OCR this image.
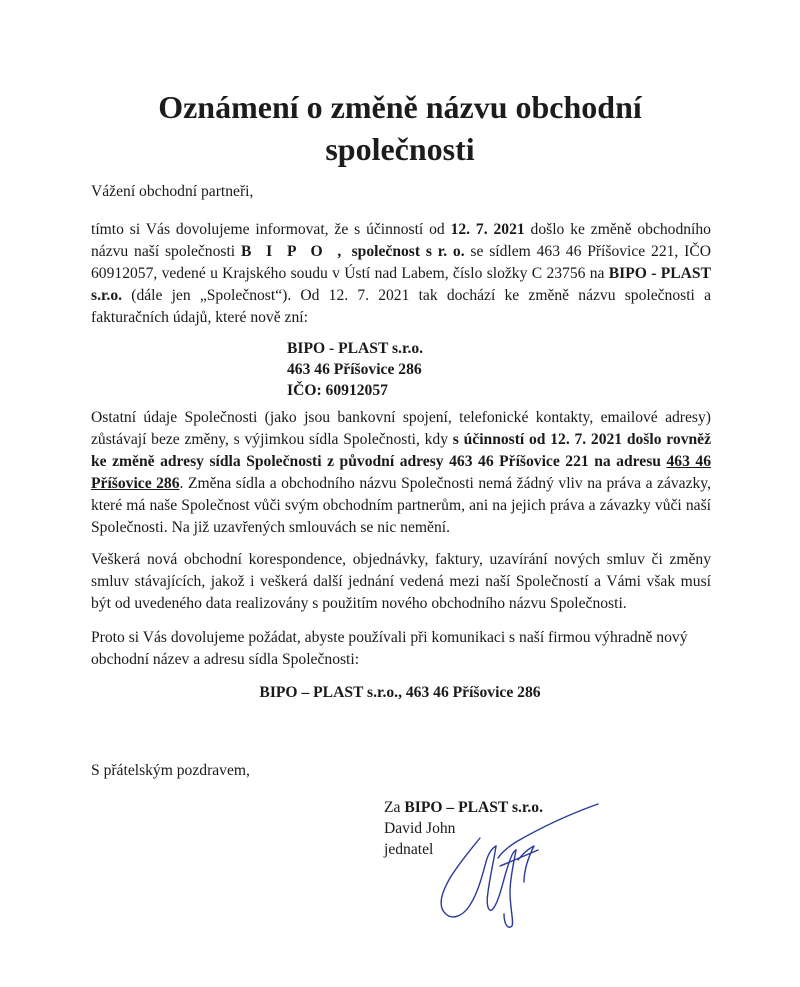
Oznámení o změně názvu obchodní
společnosti

Vážení obchodní partneři,

tímto si Vás dovolujeme informovat, že s účinností od 12. 7. 2021 došlo ke změně obchodního názvu naší společnosti B I P O , společnost s r. o. se sídlem 463 46 Příšovice 221, IČO 60912057, vedené u Krajského soudu v Ústí nad Labem, číslo složky C 23756 na BIPO - PLAST s.r.o. (dále jen „Společnost“). Od 12. 7. 2021 tak dochází ke změně názvu společnosti a fakturačních údajů, které nově zní:

BIPO - PLAST s.r.o.
463 46 Příšovice 286
IČO: 60912057

Ostatní údaje Společnosti (jako jsou bankovní spojení, telefonické kontakty, emailové adresy) zůstávají beze změny, s výjimkou sídla Společnosti, kdy s účinností od 12. 7. 2021 došlo rovněž ke změně adresy sídla Společnosti z původní adresy 463 46 Příšovice 221 na adresu 463 46 Příšovice 286. Změna sídla a obchodního názvu Společnosti nemá žádný vliv na práva a závazky, které má naše Společnost vůči svým obchodním partnerům, ani na jejich práva a závazky vůči naší Společnosti. Na již uzavřených smlouvách se nic nemění.

Veškerá nová obchodní korespondence, objednávky, faktury, uzavírání nových smluv či změny smluv stávajících, jakož i veškerá další jednání vedená mezi naší Společností a Vámi však musí být od uvedeného data realizovány s použitím nového obchodního názvu Společnosti.

Proto si Vás dovolujeme požádat, abyste používali při komunikaci s naší firmou výhradně nový obchodní název a adresu sídla Společnosti:

BIPO – PLAST s.r.o., 463 46 Příšovice 286

S přátelským pozdravem,

Za BIPO – PLAST s.r.o.
David John
jednatel
